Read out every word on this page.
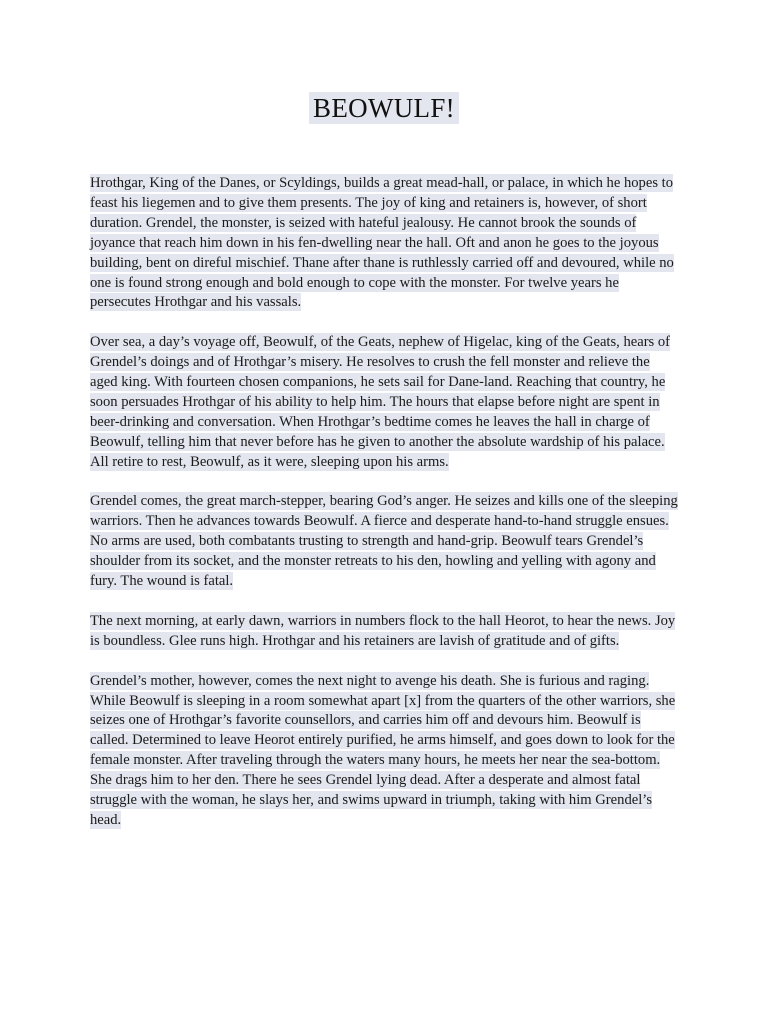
BEOWULF!

Hrothgar, King of the Danes, or Scyldings, builds a great mead-hall, or palace, in which he hopes to feast his liegemen and to give them presents. The joy of king and retainers is, however, of short duration. Grendel, the monster, is seized with hateful jealousy. He cannot brook the sounds of joyance that reach him down in his fen-dwelling near the hall. Oft and anon he goes to the joyous building, bent on direful mischief. Thane after thane is ruthlessly carried off and devoured, while no one is found strong enough and bold enough to cope with the monster. For twelve years he persecutes Hrothgar and his vassals.

Over sea, a day’s voyage off, Beowulf, of the Geats, nephew of Higelac, king of the Geats, hears of Grendel’s doings and of Hrothgar’s misery. He resolves to crush the fell monster and relieve the aged king. With fourteen chosen companions, he sets sail for Dane-land. Reaching that country, he soon persuades Hrothgar of his ability to help him. The hours that elapse before night are spent in beer-drinking and conversation. When Hrothgar’s bedtime comes he leaves the hall in charge of Beowulf, telling him that never before has he given to another the absolute wardship of his palace. All retire to rest, Beowulf, as it were, sleeping upon his arms.

Grendel comes, the great march-stepper, bearing God’s anger. He seizes and kills one of the sleeping warriors. Then he advances towards Beowulf. A fierce and desperate hand-to-hand struggle ensues. No arms are used, both combatants trusting to strength and hand-grip. Beowulf tears Grendel’s shoulder from its socket, and the monster retreats to his den, howling and yelling with agony and fury. The wound is fatal.

The next morning, at early dawn, warriors in numbers flock to the hall Heorot, to hear the news. Joy is boundless. Glee runs high. Hrothgar and his retainers are lavish of gratitude and of gifts.

Grendel’s mother, however, comes the next night to avenge his death. She is furious and raging. While Beowulf is sleeping in a room somewhat apart [x] from the quarters of the other warriors, she seizes one of Hrothgar’s favorite counsellors, and carries him off and devours him. Beowulf is called. Determined to leave Heorot entirely purified, he arms himself, and goes down to look for the female monster. After traveling through the waters many hours, he meets her near the sea-bottom. She drags him to her den. There he sees Grendel lying dead. After a desperate and almost fatal struggle with the woman, he slays her, and swims upward in triumph, taking with him Grendel’s head.
